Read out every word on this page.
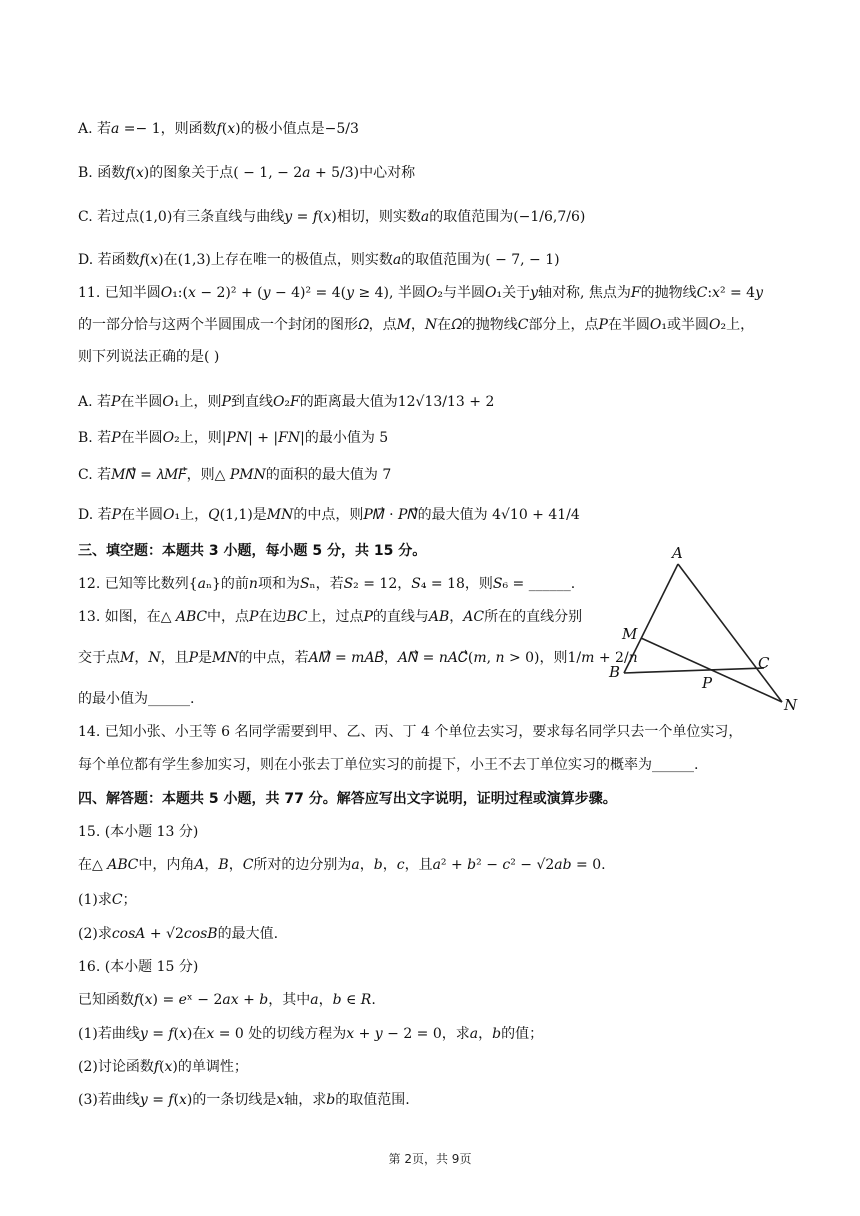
A. 若𝑎 =− 1，则函数𝑓(𝑥)的极小值点是−5/3
B. 函数𝑓(𝑥)的图象关于点( − 1, − 2𝑎 + 5/3)中心对称
C. 若过点(1,0)有三条直线与曲线𝑦 = 𝑓(𝑥)相切，则实数𝑎的取值范围为(−1/6,7/6)
D. 若函数𝑓(𝑥)在(1,3)上存在唯一的极值点，则实数𝑎的取值范围为( − 7, − 1)
11. 已知半圆𝑂₁:(𝑥 − 2)² + (𝑦 − 4)² = 4(𝑦 ≥ 4), 半圆𝑂₂与半圆𝑂₁关于𝑦轴对称, 焦点为𝐹的抛物线𝐶:𝑥² = 4𝑦
的一部分恰与这两个半圆围成一个封闭的图形𝛺，点𝑀，𝑁在𝛺的抛物线𝐶部分上，点𝑃在半圆𝑂₁或半圆𝑂₂上，
则下列说法正确的是( )
A. 若𝑃在半圆𝑂₁上，则𝑃到直线𝑂₂𝐹的距离最大值为12√13/13 + 2
B. 若𝑃在半圆𝑂₂上，则|𝑃𝑁| + |𝐹𝑁|的最小值为 5
C. 若𝑀𝑁⃗ = 𝜆𝑀𝐹⃗，则△ 𝑃𝑀𝑁的面积的最大值为 7
D. 若𝑃在半圆𝑂₁上，𝑄(1,1)是𝑀𝑁的中点，则𝑃𝑀⃗ · 𝑃𝑁⃗的最大值为 4√10 + 41/4
三、填空题：本题共 3 小题，每小题 5 分，共 15 分。
12. 已知等比数列{𝑎ₙ}的前𝑛项和为𝑆ₙ，若𝑆₂ = 12，𝑆₄ = 18，则𝑆₆ = ______.
13. 如图，在△ 𝐴𝐵𝐶中，点𝑃在边𝐵𝐶上，过点𝑃的直线与𝐴𝐵，𝐴𝐶所在的直线分别
交于点𝑀，𝑁，且𝑃是𝑀𝑁的中点，若𝐴𝑀⃗ = 𝑚𝐴𝐵⃗，𝐴𝑁⃗ = 𝑛𝐴𝐶⃗(𝑚, 𝑛 > 0)，则1/𝑚 + 2/𝑛
的最小值为______.
14. 已知小张、小王等 6 名同学需要到甲、乙、丙、丁 4 个单位去实习，要求每名同学只去一个单位实习，
每个单位都有学生参加实习，则在小张去丁单位实习的前提下，小王不去丁单位实习的概率为______.
四、解答题：本题共 5 小题，共 77 分。解答应写出文字说明，证明过程或演算步骤。
15. (本小题 13 分)
在△ 𝐴𝐵𝐶中，内角𝐴，𝐵，𝐶所对的边分别为𝑎，𝑏，𝑐，且𝑎² + 𝑏² − 𝑐² − √2𝑎𝑏 = 0.
(1)求𝐶；
(2)求𝑐𝑜𝑠𝐴 + √2𝑐𝑜𝑠𝐵的最大值.
16. (本小题 15 分)
已知函数𝑓(𝑥) = 𝑒ˣ − 2𝑎𝑥 + 𝑏，其中𝑎，𝑏 ∈ 𝑅.
(1)若曲线𝑦 = 𝑓(𝑥)在𝑥 = 0 处的切线方程为𝑥 + 𝑦 − 2 = 0，求𝑎，𝑏的值；
(2)讨论函数𝑓(𝑥)的单调性；
(3)若曲线𝑦 = 𝑓(𝑥)的一条切线是𝑥轴，求𝑏的取值范围.
A
M
B	C
P
N
第 2页，共 9页
